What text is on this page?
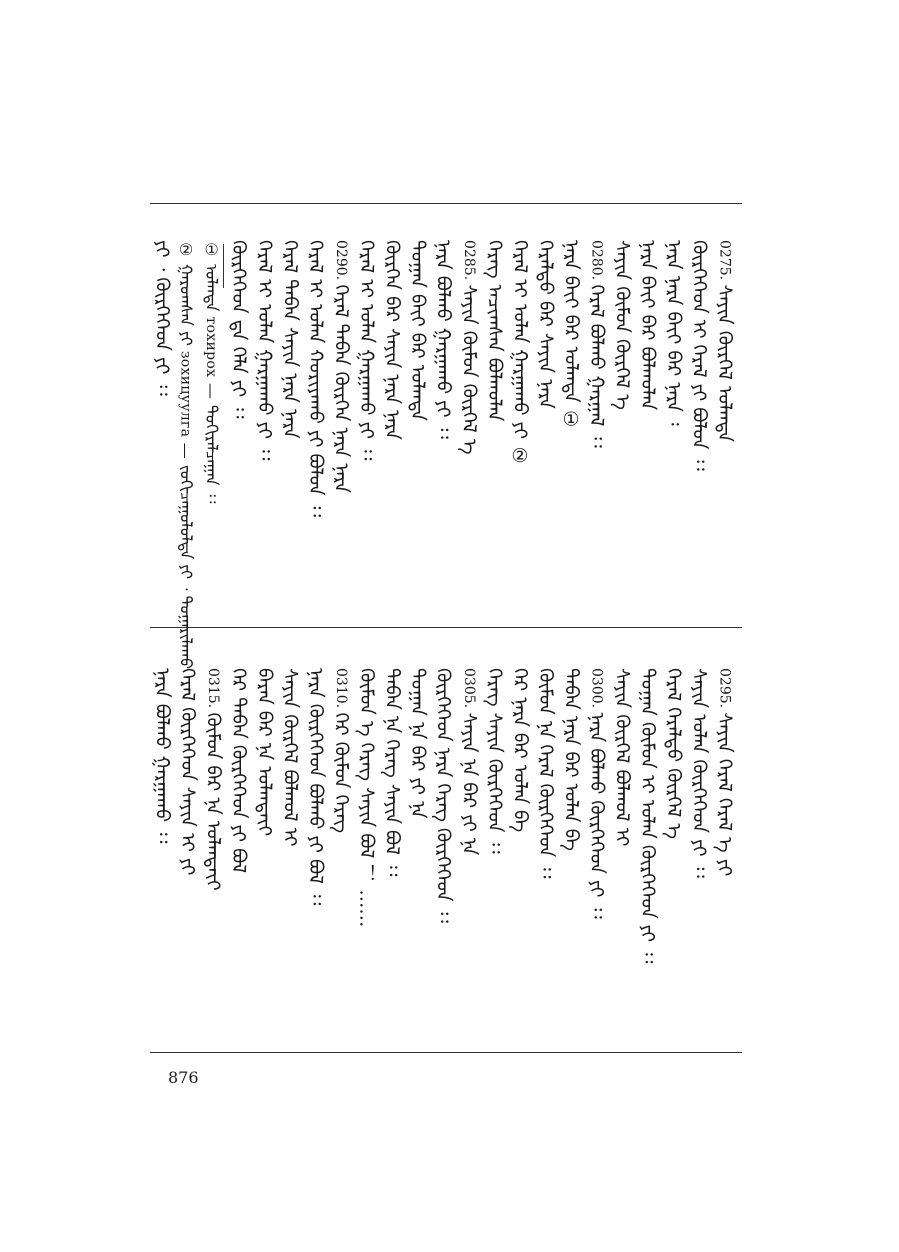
ᠶᠢ ᠂ ᠬᠦᠷᠭᠡᠭᠡᠳ ᠶᠢ ᠄᠄ ② ᠭᠠᠷᠤᠭᠰᠠᠨ ᠶᠢ зохицуулга — ᠵᠣᠬᠢᠴᠠᠭᠤᠯᠤᠯᠲᠠ ᠶᠢ ᠂ ᠲᠣᠭᠠᠷᠢᠯᠠᠬᠤ
① ᠣᠯᠠᠨᠲᠠ тохирох — ᠲᠣᠬᠢᠷᠠᠯᠴᠠᠭᠠᠨ ᠄᠄
ᠬᠦᠷᠭᠡᠭᠡᠳ ᠳᠠ ᠬᠡᠯᠡ ᠶᠢ ᠄᠄ ᠭᠡᠷᠡᠯ ᠢ ᠣᠯᠠᠨ ᠭᠠᠷᠭᠠᠬᠤ ᠶᠢ ᠄᠄ ᠭᠡᠷᠡᠯ ᠲᠠᠪᠠᠨ ᠰᠠᠶᠢᠨ ᠨᠡᠷᠡ ᠨᠡᠷᠡ ᠭᠡᠷᠡᠯ ᠢ ᠣᠯᠠᠨ ᠬᠣᠷᠢᠶᠠᠬᠤ ᠶᠢ ᠪᠣᠯᠤᠨ ᠄᠄ 0290. ᠭᠡᠷᠡᠯ ᠲᠠᠪᠠᠨ ᠬᠦᠷᠭᠡᠨ ᠨᠡᠷᠡ ᠨᠡᠷᠡ ᠭᠡᠷᠡᠯ ᠢ ᠣᠯᠠᠨ ᠭᠠᠷᠭᠠᠬᠤ ᠶᠢ ᠄᠄ ᠬᠦᠷᠭᠡᠨ ᠪᠡᠷ ᠰᠠᠶᠢᠨ ᠨᠡᠷᠡ ᠨᠡᠷᠡ ᠲᠣᠭᠠᠨ ᠪᠠᠶ᠋ᠢ ᠪᠡᠷ ᠣᠯᠠᠨᠲᠠ ᠨᠡᠷᠡ ᠪᠣᠯᠬᠤ ᠭᠠᠷᠭᠠᠬᠤ ᠶᠢ ᠄᠄ 0285. ᠰᠠᠶᠢᠨ ᠬᠦᠮᠦᠨ ᠬᠦᠷᠭᠡᠯ ᠡ ᠬᠡᠷᠡᠭ ᠠᠴᠢᠭᠰᠠᠨ ᠪᠣᠯᠬᠤᠯᠠᠨ ᠭᠡᠷᠡᠯ ᠢ ᠣᠯᠠᠨ ᠭᠠᠷᠭᠠᠬᠤ ᠶᠢ ② ᠭᠡᠷᠡᠯᠲᠦ ᠪᠡᠷ ᠰᠠᠶᠢᠨ ᠨᠡᠷᠡ ᠨᠡᠷᠡ ᠪᠠᠶ᠋ᠢ ᠪᠡᠷ ᠣᠯᠠᠨᠲᠠ ① 0280. ᠭᠡᠷᠡᠯ ᠪᠣᠯᠬᠤ ᠭᠠᠷᠭᠠᠯ ᠄᠄ ᠰᠠᠶᠢᠨ ᠬᠦᠮᠦᠨ ᠬᠦᠷᠭᠡᠯ ᠡ ᠨᠡᠷᠡ ᠪᠠᠶ᠋ᠢ ᠪᠡᠷ ᠪᠣᠯᠬᠤᠯᠠᠨ ᠨᠡᠷᠡ ᠨᠡᠷᠡ ᠪᠠᠶ᠋ᠢ ᠪᠡᠷ ᠨᠡᠷᠡ ᠄ ᠬᠦᠷᠭᠡᠭᠡᠳ ᠢ ᠭᠡᠷᠡᠯ ᠶᠢ ᠪᠣᠯᠤᠨ ᠄᠄ 0275. ᠰᠠᠶᠢᠨ ᠬᠦᠷᠭᠡᠯ ᠣᠯᠠᠨᠲᠠ
ᠨᠡᠷᠡ ᠪᠣᠯᠬᠤ ᠭᠠᠷᠭᠠᠬᠤ ᠄᠄ ᠭᠡᠷᠡᠯ ᠬᠦᠷᠭᠡᠭᠡᠳ ᠰᠠᠶᠢᠨ ᠢ ᠶᠢ 0315. ᠬᠦᠮᠦᠨ ᠪᠡᠷ ᠨᠡ ᠣᠯᠠᠨᠲᠠᠶ᠋ᠢ ᠭᠡᠷ ᠲᠠᠪᠠᠨ ᠬᠦᠷᠭᠡᠭᠡᠳ ᠶᠢ ᠪᠣᠯ ᠪᠡᠷᠡᠨ ᠪᠡᠷ ᠨᠡ ᠣᠯᠠᠨᠲᠠᠶ᠋ᠢ ᠰᠠᠶᠢᠨ ᠬᠦᠷᠭᠡᠯ ᠪᠣᠯᠬᠤᠯ ᠢ ᠨᠡᠷᠡ ᠬᠦᠷᠭᠡᠭᠡᠳ ᠪᠣᠯᠬᠤ ᠶᠢ ᠪᠣᠯ ᠄᠄ 0310. ᠭᠡᠷ ᠬᠦᠮᠦᠨ ᠬᠡᠷᠡᠭ ᠬᠦᠮᠦᠨ ᠡ ᠬᠡᠷᠡᠭ ᠰᠠᠶᠢᠨ ᠪᠣᠯ ！ …… ᠲᠠᠪᠠᠨ ᠨᠡ ᠬᠡᠷᠡᠭ ᠰᠠᠶᠢᠨ ᠪᠣᠯ ᠄᠄ ᠲᠣᠭᠠᠨ ᠨᠡ ᠪᠡᠷ ᠶᠢ ᠨᠡ ᠬᠦᠷᠭᠡᠭᠡᠳ ᠨᠡᠷᠡ ᠬᠡᠷᠡᠭ ᠬᠦᠷᠭᠡᠭᠡᠳ ᠄᠄ 0305. ᠰᠠᠶᠢᠨ ᠨᠡ ᠪᠡᠷ ᠶᠢ ᠨᠡ ᠬᠡᠷᠡᠭ ᠰᠠᠶᠢᠨ ᠬᠦᠷᠭᠡᠭᠡᠳ ᠄᠄ ᠭᠡᠷ ᠨᠡᠷᠡ ᠪᠡᠷ ᠣᠯᠠᠨ ᠪᠡ ᠬᠦᠮᠦᠨ ᠨᠡ ᠭᠡᠷᠡᠯ ᠬᠦᠷᠭᠡᠭᠡᠳ ᠄᠄ ᠲᠠᠪᠠᠨ ᠨᠡᠷᠡ ᠪᠡᠷ ᠣᠯᠠᠨ ᠪᠡ 0300. ᠨᠡᠷᠡ ᠪᠣᠯᠬᠤ ᠬᠦᠷᠭᠡᠭᠡᠳ ᠶᠢ ᠄᠄ ᠰᠠᠶᠢᠨ ᠬᠦᠷᠭᠡᠯ ᠪᠣᠯᠬᠤᠯ ᠢ ᠲᠣᠭᠠᠨ ᠬᠦᠮᠦᠨ ᠢ ᠣᠯᠠᠨ ᠬᠦᠷᠭᠡᠭᠡᠳ ᠶᠢ ᠄᠄ ᠭᠡᠷᠡᠯ ᠭᠡᠷᠡᠯᠲᠦ ᠬᠦᠷᠭᠡᠯ ᠡ ᠰᠠᠶᠢᠨ ᠣᠯᠠᠨ ᠬᠦᠷᠭᠡᠭᠡᠳ ᠶᠢ ᠄᠄ 0295. ᠰᠠᠶᠢᠨ ᠭᠡᠷᠡᠯ ᠭᠡᠷᠡᠯ ᠡ ᠶᠢ
876
